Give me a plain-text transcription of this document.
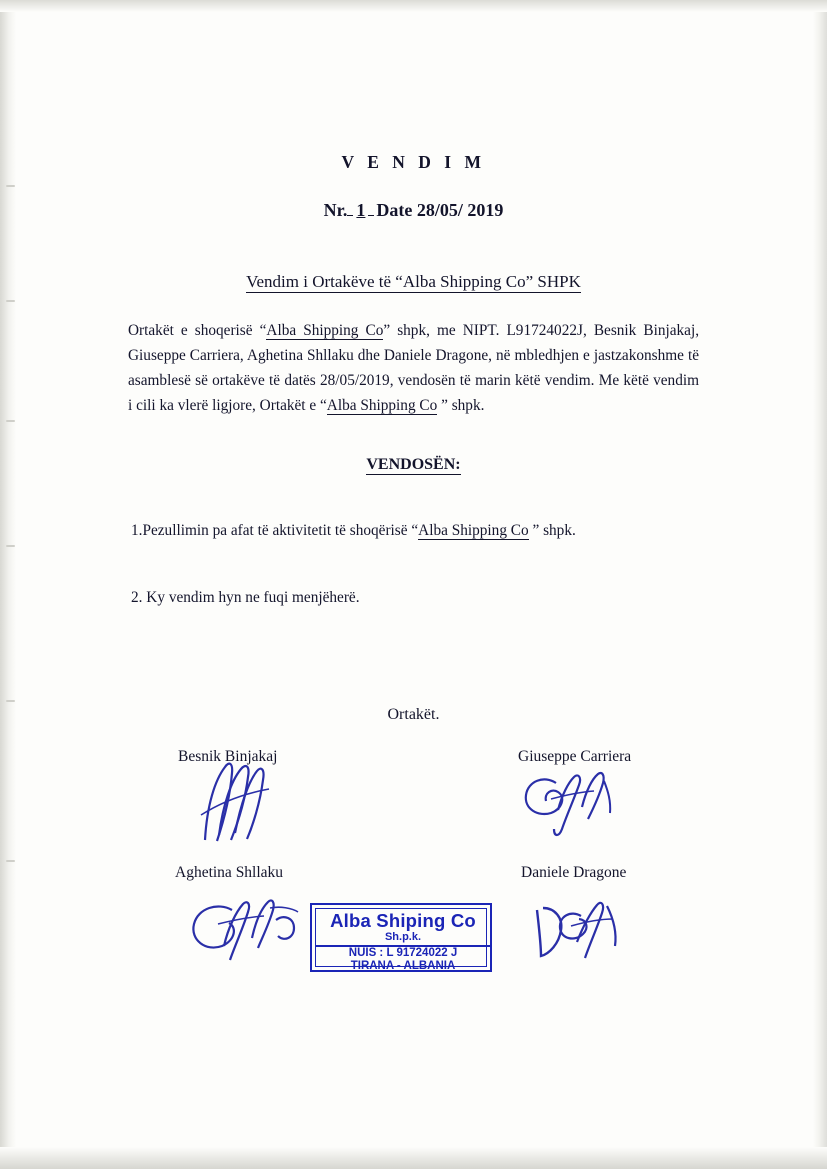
V E N D I M
Nr. 1 Date 28/05/ 2019
Vendim i Ortakëve të “Alba Shipping Co” SHPK
Ortakët e shoqerisë “Alba Shipping Co” shpk, me NIPT. L91724022J, Besnik Binjakaj, Giuseppe Carriera, Aghetina Shllaku dhe Daniele Dragone, në mbledhjen e jastzakonshme të asamblesë së ortakëve të datës 28/05/2019, vendosën të marin këtë vendim. Me këtë vendim i cili ka vlerë ligjore, Ortakët e “Alba Shipping Co ” shpk.
VENDOSËN:
1.Pezullimin pa afat të aktivitetit të shoqërisë “Alba Shipping Co ” shpk.
2. Ky vendim hyn ne fuqi menjëherë.
Ortakët.
Besnik Binjakaj	Giuseppe Carriera
Aghetina Shllaku	Daniele Dragone
Alba Shiping Co
Sh.p.k.
NUIS : L 91724022 J
TIRANA - ALBANIA
